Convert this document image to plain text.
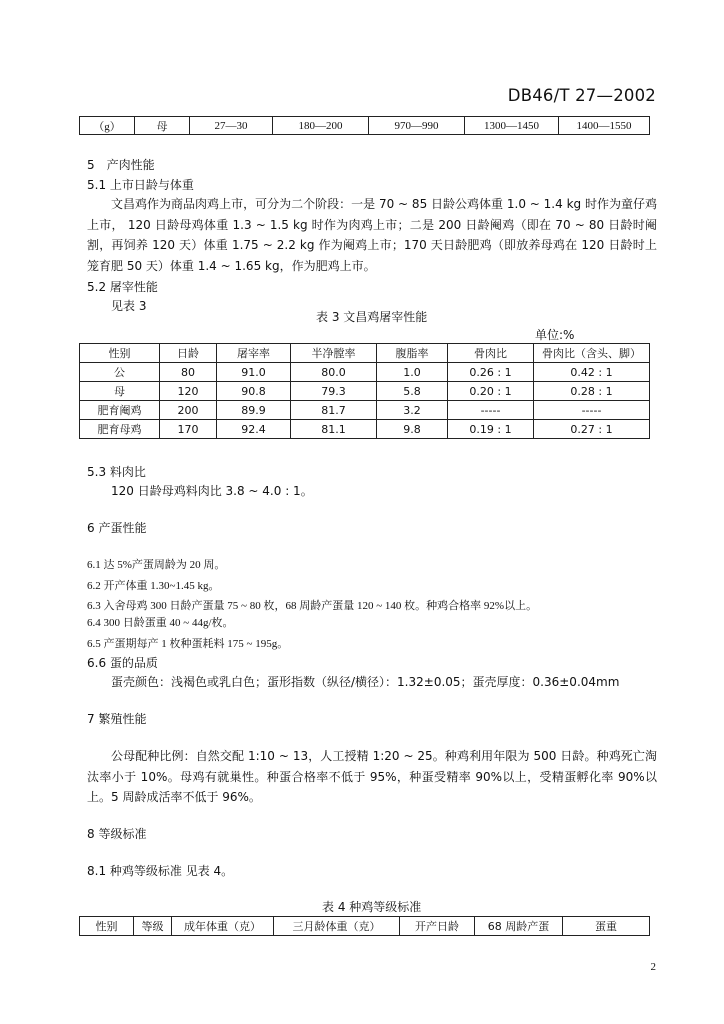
DB46/T 27—2002
（g）	母	27—30	180—200	970—990	1300—1450	1400—1550
5　产肉性能
5.1 上市日龄与体重

文昌鸡作为商品肉鸡上市，可分为二个阶段：一是 70 ~ 85 日龄公鸡体重 1.0 ~ 1.4 kg 时作为童仔鸡上市， 120 日龄母鸡体重 1.3 ~ 1.5 kg 时作为肉鸡上市；二是 200 日龄阉鸡（即在 70 ~ 80 日龄时阉割，再饲养 120 天）体重 1.75 ~ 2.2 kg 作为阉鸡上市；170 天日龄肥鸡（即放养母鸡在 120 日龄时上笼育肥 50 天）体重 1.4 ~ 1.65 kg，作为肥鸡上市。

5.2 屠宰性能
见表 3
表 3 文昌鸡屠宰性能
单位:%
性别	日龄	屠宰率	半净膛率	腹脂率	骨肉比	骨肉比（含头、脚）
公	80	91.0	80.0	1.0	0.26 : 1	0.42 : 1
母	120	90.8	79.3	5.8	0.20 : 1	0.28 : 1
肥育阉鸡	200	89.9	81.7	3.2	-----	-----
肥育母鸡	170	92.4	81.1	9.8	0.19 : 1	0.27 : 1
5.3 料肉比
120 日龄母鸡料肉比 3.8 ~ 4.0 : 1。
6 产蛋性能
6.1 达 5%产蛋周龄为 20 周。
6.2 开产体重 1.30~1.45 kg。
6.3 入舍母鸡 300 日龄产蛋量 75 ~ 80 枚，68 周龄产蛋量 120 ~ 140 枚。种鸡合格率 92%以上。
6.4 300 日龄蛋重 40 ~ 44g/枚。
6.5 产蛋期每产 1 枚种蛋耗料 175 ~ 195g。
6.6 蛋的品质
蛋壳颜色：浅褐色或乳白色；蛋形指数（纵径/横径）：1.32±0.05；蛋壳厚度：0.36±0.04mm
7 繁殖性能

公母配种比例：自然交配 1:10 ~ 13，人工授精 1:20 ~ 25。种鸡利用年限为 500 日龄。种鸡死亡淘汰率小于 10%。母鸡有就巢性。种蛋合格率不低于 95%，种蛋受精率 90%以上，受精蛋孵化率 90%以上。5 周龄成活率不低于 96%。

8 等级标准
8.1 种鸡等级标准 见表 4。
表 4 种鸡等级标准
性别	等级	成年体重（克）	三月龄体重（克）	开产日龄	68 周龄产蛋	蛋重
2
